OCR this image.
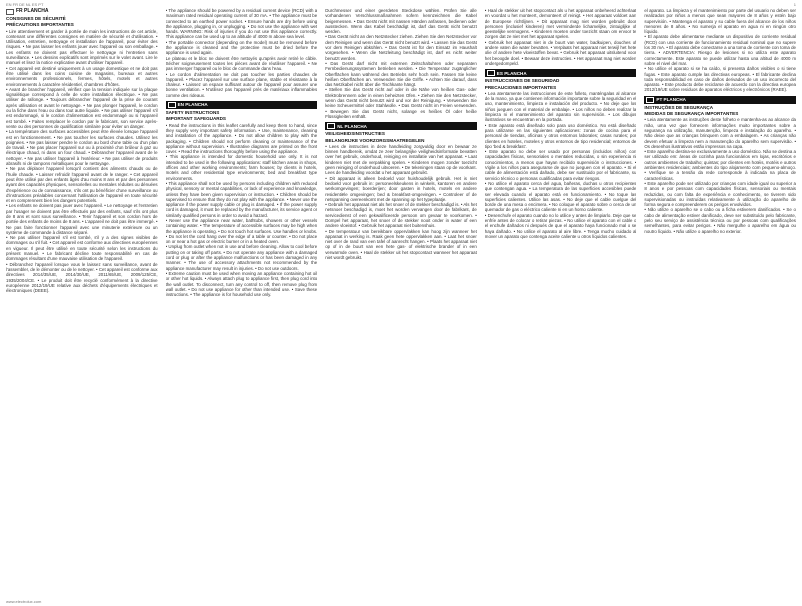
EN FR DE NL ES PT	1
FR PLANCHA
CONSIGNES DE SÉCURITÉ
PRÉCAUTIONS IMPORTANTES

• Lire attentivement et garder à portée de main les instructions de cet article, contenant une différentes consignes en matière de sécurité et d'utilisation. • Utilisation, entretien, nettoyage et installation de l'appareil, pour éviter des risques. • Ne pas laisser les enfants jouer avec l'appareil ou son emballage. • Les enfants ne doivent pas effectuer le nettoyage ni l'entretien sans surveillance. • Les dessins explicatifs sont imprimés sur le volet avant. Lire le manuel et lisez la notice explicative avant d'utiliser l'appareil.

• Cet appareil est destiné uniquement à un usage domestique et ne doit pas être utilisé dans les coins cuisine de magasins, bureaux et autres environnements professionnels, fermes, hôtels, motels et autres environnements à caractère résidentiel, chambres d'hôtes.

• Avant de brancher l'appareil, vérifiez que la tension indiquée sur la plaque signalétique correspond à celle de votre installation électrique. • Ne pas utiliser de rallonge. • Toujours débrancher l'appareil de la prise de courant après utilisation et avant le nettoyage. • Ne pas plonger l'appareil, le cordon ou la fiche dans l'eau ou dans tout autre liquide. • Ne pas utiliser l'appareil s'il est endommagé, si le cordon d'alimentation est endommagé ou si l'appareil est tombé. • Faites remplacer le cordon par le fabricant, son service après-vente ou des personnes de qualification similaire pour éviter un danger.

• La température des surfaces accessibles peut être élevée lorsque l'appareil est en fonctionnement. • Ne pas toucher les surfaces chaudes. Utilisez les poignées. • Ne pas laisser pendre le cordon au bord d'une table ou d'un plan de travail. • Ne pas placer l'appareil sur ou à proximité d'un brûleur à gaz ou électrique chaud, ni dans un four chaud. • Débrancher l'appareil avant de le nettoyer. • Ne pas utiliser l'appareil à l'extérieur. • Ne pas utiliser de produits abrasifs ni de tampons métalliques pour le nettoyage.

• Ne pas déplacer l'appareil lorsqu'il contient des aliments chauds ou de l'huile chaude. • Laisser refroidir l'appareil avant de le ranger. • Cet appareil peut être utilisé par des enfants âgés d'au moins 8 ans et par des personnes ayant des capacités physiques, sensorielles ou mentales réduites ou dénuées d'expérience ou de connaissance, s'ils ont pu bénéficier d'une surveillance ou d'instructions préalables concernant l'utilisation de l'appareil en toute sécurité et en comprennent bien les dangers potentiels.

• Les enfants ne doivent pas jouer avec l'appareil. • Le nettoyage et l'entretien par l'usager ne doivent pas être effectués par des enfants, sauf s'ils ont plus de 8 ans et sont sous surveillance. • Tenir l'appareil et son cordon hors de portée des enfants de moins de 8 ans. • L'appareil ne doit pas être immergé. • Ne pas faire fonctionner l'appareil avec une minuterie extérieure ou un système de commande à distance séparé.

• Ne pas utiliser l'appareil s'il est tombé, s'il y a des signes visibles de dommages ou s'il fuit. • Cet appareil est conforme aux directives européennes en vigueur. Il peut être utilisé en toute sécurité selon les instructions du présent manuel. • Le fabricant décline toute responsabilité en cas de dommages résultant d'une mauvaise utilisation de l'appareil.

• Débranchez l'appareil lorsque vous le laissez sans surveillance, avant de l'assembler, de le démonter ou de le nettoyer. • Cet appareil est conforme aux directives 2014/35/UE, 2014/30/UE, 2011/65/UE, 2009/125/CE, 1935/2004/CE. • Le produit doit être recyclé conformément à la directive européenne 2012/19/UE relative aux déchets d'équipements électriques et électroniques (DEEE).

• The appliance should be powered by a residual current device (RCD) with a maximum rated residual operating current of 30 mA. • The appliance must be connected to an earthed power socket. • Ensure hands are dry before using the appliance, plugging in, or unplugging. • Do not use the appliance with wet hands. WARNING: Risk of injuries if you do not use this appliance correctly. This appliance can be used up to an altitude of 4000 m above sea level.

• The portable connector (depending on the model) must be removed before the appliance is cleaned and the protective must be dried before the appliance is used again.

Le plateau et le bloc ne doivent être nettoyés qu'après avoir retiré le câble. Sécher soigneusement toutes les pièces avant de réutiliser l'appareil. • Ne pas immerger l'appareil ou le bloc de commande dans l'eau.

• Le cordon d'alimentation ne doit pas toucher les parties chaudes de l'appareil. • Placez l'appareil sur une surface plane, stable et résistante à la chaleur. • Laissez un espace suffisant autour de l'appareil pour assurer une bonne ventilation. • N'utilisez pas l'appareil près de matériaux inflammables comme des rideaux.

EN PLANCHA
SAFETY INSTRUCTIONS
IMPORTANT SAFEGUARDS

• Read the instructions in this leaflet carefully and keep them to hand, since they supply very important safety information. • Use, maintenance, cleaning and installation of the appliance. • Do not allow children to play with the packaging. • Children should not perform cleaning or maintenance of the appliance without supervision. • Illustrative diagrams are printed on the front cover. • Read the instructions thoroughly before using the appliance.

• This appliance is intended for domestic household use only. It is not intended to be used in the following applications: staff kitchen areas in shops, offices and other working environments; farm houses; by clients in hotels, motels and other residential type environments; bed and breakfast type environments.

• This appliance shall not be used by persons including children with reduced physical, sensory or mental capabilities, or lack of experience and knowledge, unless they have been given supervision or instruction. • Children should be supervised to ensure that they do not play with the appliance. • Never use the appliance if the power supply cable or plug is damaged. • If the power supply cord is damaged, it must be replaced by the manufacturer, its service agent or similarly qualified persons in order to avoid a hazard.

• Never use the appliance near water, bathtubs, showers or other vessels containing water. • The temperature of accessible surfaces may be high when the appliance is operating. • Do not touch hot surfaces. Use handles or knobs. • Do not let the cord hang over the edge of a table or counter. • Do not place on or near a hot gas or electric burner or in a heated oven.

• Unplug from outlet when not in use and before cleaning. Allow to cool before putting on or taking off parts. • Do not operate any appliance with a damaged cord or plug or after the appliance malfunctions or has been damaged in any manner. • The use of accessory attachments not recommended by the appliance manufacturer may result in injuries. • Do not use outdoors.

• Extreme caution must be used when moving an appliance containing hot oil or other hot liquids. • Always attach plug to appliance first, then plug cord into the wall outlet. To disconnect, turn any control to off, then remove plug from wall outlet. • Do not use appliance for other than intended use. • Save these instructions. • The appliance is for household use only.

Durchmesser und einer geerdeten Steckdose wählen. Prüfen Sie alle vorhandenen Verschlussmaßnahmen sofern kennzeichnen die Kabel beigemessen. • Das Gerät nicht mit nassen Händen anfassen, bedienen oder ausstecken. Wenn das Kabel beschädigt ist, darf das Gerät nicht benutzt werden.

• Das Gerät nicht an den Netzstecker ziehen. Ziehen Sie den Netzstecker vor dem Reinigen und wenn das Gerät nicht benutzt wird. • Lassen Sie das Gerät vor dem Reinigen abkühlen. • Das Gerät ist für den Einsatz im Haushalt vorgesehen. • Wenn die Netzleitung beschädigt ist, darf es nicht weiter benutzt werden.

• Das Gerät darf nicht mit externen Zeitschaltuhren oder separaten Fernbedienungssystemen betrieben werden. • Die Temperatur zugänglicher Oberflächen kann während des Betriebs sehr hoch sein. Fassen Sie keine heißen Oberflächen an. Verwenden Sie die Griffe. • Achten Sie darauf, dass das Netzkabel nicht über die Tischkante hängt.

• Stellen Sie das Gerät nicht auf oder in die Nähe von heißen Gas- oder Elektrobrennern oder in einen beheizten Ofen. • Ziehen Sie den Netzstecker, wenn das Gerät nicht benutzt wird und vor der Reinigung. • Verwenden Sie keine Scheuermittel oder Stahlwolle. • Das Gerät nicht im Freien verwenden. • Bewegen Sie das Gerät nicht, solange es heißes Öl oder heiße Flüssigkeiten enthält.

NL PLANCHA
VEILIGHEIDSINSTRUCTIES
BELANGRIJKE VOORZORGSMAATREGELEN

• Lees de instructies in deze handleiding zorgvuldig door en bewaar ze binnen handbereik, omdat ze zeer belangrijke veiligheidsinformatie bevatten over het gebruik, onderhoud, reiniging en installatie van het apparaat. • Laat kinderen niet met de verpakking spelen. • Kinderen mogen zonder toezicht geen reiniging of onderhoud uitvoeren. • De tekeningen staan op de voorkant. Lees de handleiding voordat u het apparaat gebruikt.

• Dit apparaat is alleen bedoeld voor huishoudelijk gebruik. Het is niet bedoeld voor gebruik in: personeelskeukens in winkels, kantoren en andere werkomgevingen; boerderijen; door gasten in hotels, motels en andere residentiële omgevingen; bed & breakfast-omgevingen. • Controleer of de netspanning overeenkomt met de spanning op het typeplaatje.

• Gebruik het apparaat niet als het snoer of de stekker beschadigd is. • Als het netsnoer beschadigd is, moet het worden vervangen door de fabrikant, de servicedienst of een gekwalificeerde persoon om gevaar te voorkomen. • Dompel het apparaat, het snoer of de stekker nooit onder in water of een andere vloeistof. • Gebruik het apparaat niet buitenshuis.

• De temperatuur van bereikbare oppervlakken kan hoog zijn wanneer het apparaat in werking is. Raak geen hete oppervlakken aan. • Laat het snoer niet over de rand van een tafel of aanrecht hangen. • Plaats het apparaat niet op of in de buurt van een hete gas- of elektrische brander of in een verwarmde oven. • Haal de stekker uit het stopcontact wanneer het apparaat niet wordt gebruikt.

• Haal de stekker uit het stopcontact als u het apparaat onbeheerd achterlaat en voordat u het monteert, demonteert of reinigt. • Het apparaat voldoet aan de Europese richtlijnen. • Dit apparaat mag niet worden gebruikt door personen (inclusief kinderen) met verminderde lichamelijke, zintuiglijke of geestelijke vermogens. • Kinderen moeten onder toezicht staan om ervoor te zorgen dat ze niet met het apparaat spelen.

• Gebruik het apparaat niet in de buurt van water, badkuipen, douches of andere vaten die water bevatten. • Verplaats het apparaat niet terwijl het hete olie of andere hete vloeistoffen bevat. • Gebruik het apparaat uitsluitend voor het beoogde doel. • Bewaar deze instructies. • Het apparaat mag niet worden ondergedompeld.

ES PLANCHA
INSTRUCCIONES DE SEGURIDAD
PRECAUCIONES IMPORTANTES

• Lea atentamente las instrucciones de este folleto, manténgalas al alcance de la mano, ya que contienen información importante sobre la seguridad en el uso, mantenimiento, limpieza e instalación del producto. • No deje que los niños jueguen con el material de embalaje. • Los niños no deben realizar la limpieza ni el mantenimiento del aparato sin supervisión. • Los dibujos ilustrativos se encuentran en la portada.

• Este aparato está diseñado solo para uso doméstico. No está diseñado para utilizarse en las siguientes aplicaciones: zonas de cocina para el personal de tiendas, oficinas y otros entornos laborales; casas rurales; por clientes en hoteles, moteles y otros entornos de tipo residencial; entornos de tipo 'bed & breakfast'.

• Este aparato no debe ser usado por personas (incluidos niños) con capacidades físicas, sensoriales o mentales reducidas, o sin experiencia ni conocimientos, a menos que hayan recibido supervisión o instrucciones. • Vigile a los niños para asegurarse de que no jueguen con el aparato. • Si el cable de alimentación está dañado, debe ser sustituido por el fabricante, su servicio técnico o personas cualificadas para evitar riesgos.

• No utilice el aparato cerca del agua, bañeras, duchas u otros recipientes que contengan agua. • La temperatura de las superficies accesibles puede ser elevada cuando el aparato está en funcionamiento. • No toque las superficies calientes. Utilice las asas. • No deje que el cable cuelgue del borde de una mesa o encimera. • No coloque el aparato sobre o cerca de un quemador de gas o eléctrico caliente ni en un horno caliente.

• Desenchufe el aparato cuando no lo utilice y antes de limpiarlo. Deje que se enfríe antes de colocar o retirar piezas. • No utilice el aparato con el cable o el enchufe dañados ni después de que el aparato haya funcionado mal o se haya dañado. • No utilice el aparato al aire libre. • Tenga mucho cuidado al mover un aparato que contenga aceite caliente u otros líquidos calientes.

el aparato. La limpieza y el mantenimiento por parte del usuario no deben ser realizados por niños a menos que sean mayores de 8 años y estén bajo supervisión. • Mantenga el aparato y su cable fuera del alcance de los niños menores de 8 años. • No sumerja el aparato en agua ni en ningún otro líquido.

• El aparato debe alimentarse mediante un dispositivo de corriente residual (RCD) con una corriente de funcionamiento residual nominal que no supere los 30 mA. • El aparato debe conectarse a una toma de corriente con toma de tierra. • ADVERTENCIA: Riesgo de lesiones si no utiliza este aparato correctamente. Este aparato se puede utilizar hasta una altitud de 4000 m sobre el nivel del mar.

• No utilice el aparato si se ha caído, si presenta daños visibles o si tiene fugas. • Este aparato cumple las directivas europeas. • El fabricante declina toda responsabilidad en caso de daños derivados de un uso incorrecto del aparato. • Este producto debe reciclarse de acuerdo con la directiva europea 2012/19/UE sobre residuos de aparatos eléctricos y electrónicos (RAEE).

PT PLANCHA
INSTRUÇÕES DE SEGURANÇA
MEDIDAS DE SEGURANÇA IMPORTANTES

• Leia atentamente as instruções deste folheto e mantenha-as ao alcance da mão, uma vez que fornecem informações muito importantes sobre a segurança na utilização, manutenção, limpeza e instalação do aparelho. • Não deixe que as crianças brinquem com a embalagem. • As crianças não devem efetuar a limpeza nem a manutenção do aparelho sem supervisão. • Os desenhos ilustrativos estão impressos na capa.

• Este aparelho destina-se exclusivamente a uso doméstico. Não se destina a ser utilizado em: áreas de cozinha para funcionários em lojas, escritórios e outros ambientes de trabalho; quintas; por clientes em hotéis, motéis e outros ambientes residenciais; ambientes do tipo alojamento com pequeno-almoço. • Verifique se a tensão da rede corresponde à indicada na placa de características.

• Este aparelho pode ser utilizado por crianças com idade igual ou superior a 8 anos e por pessoas com capacidades físicas, sensoriais ou mentais reduzidas, ou com falta de experiência e conhecimento, se tiverem sido supervisionadas ou instruídas relativamente à utilização do aparelho de forma segura e compreenderem os perigos envolvidos.

• Não utilize o aparelho se o cabo ou a ficha estiverem danificados. • Se o cabo de alimentação estiver danificado, deve ser substituído pelo fabricante, pelo seu serviço de assistência técnica ou por pessoas com qualificações semelhantes, para evitar perigos. • Não mergulhe o aparelho em água ou noutro líquido. • Não utilize o aparelho no exterior.

www.electrolux.com
